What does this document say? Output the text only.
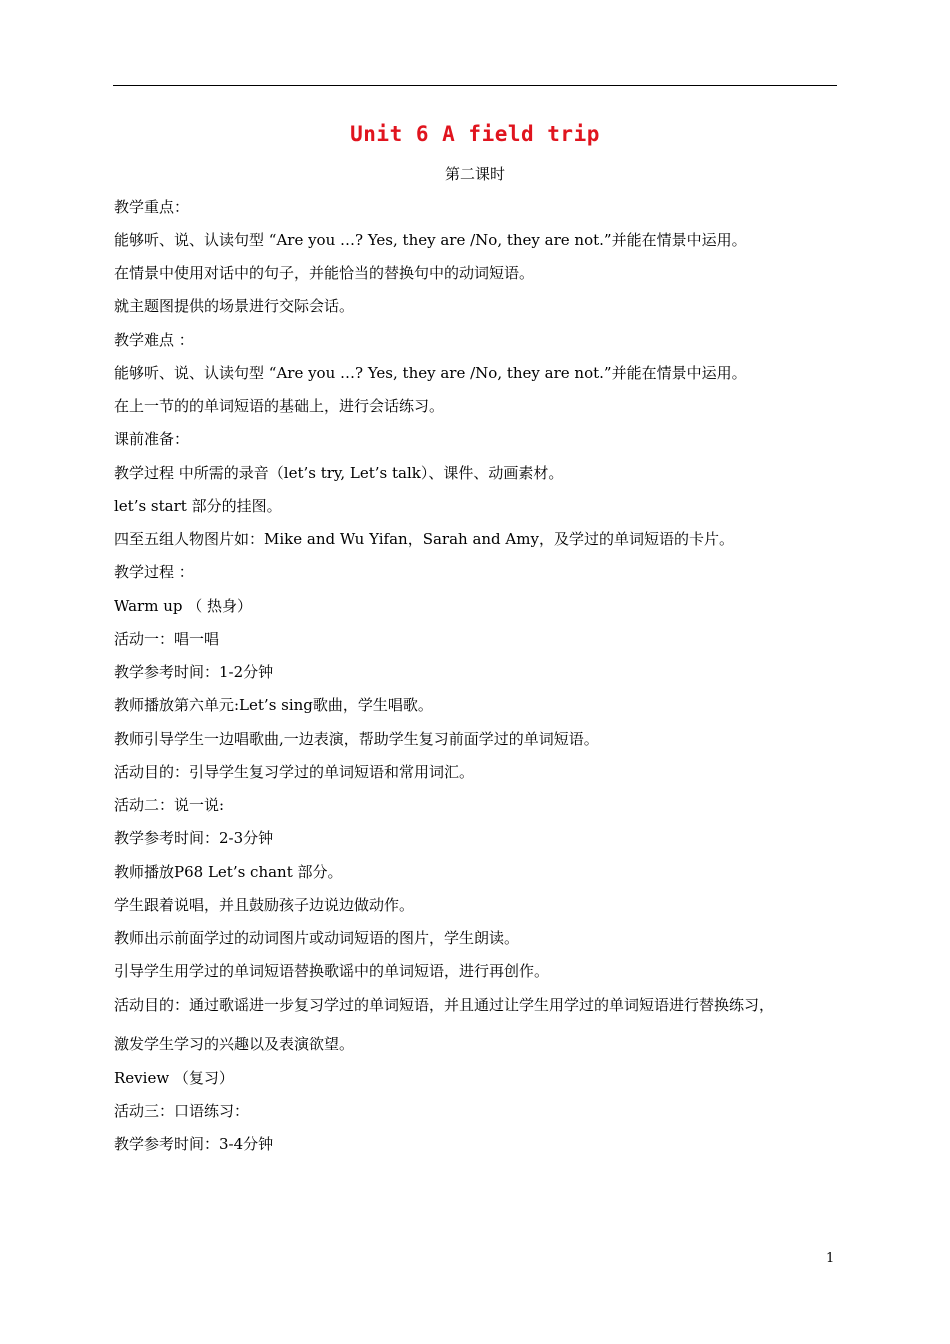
Unit 6 A field trip
第二课时
教学重点：
能够听、说、认读句型 “Are you …? Yes, they are /No, they are not.”并能在情景中运用。
在情景中使用对话中的句子，并能恰当的替换句中的动词短语。
就主题图提供的场景进行交际会话。
教学难点 ：
能够听、说、认读句型 “Are you …? Yes, they are /No, they are not.”并能在情景中运用。
在上一节的的单词短语的基础上，进行会话练习。
课前准备：
教学过程 中所需的录音（let’s try, Let’s talk）、课件、动画素材。
let’s start 部分的挂图。
四至五组人物图片如：Mike and Wu Yifan，Sarah and Amy，及学过的单词短语的卡片。
教学过程 ：
Warm up （ 热身）
活动一：唱一唱
教学参考时间：1-2分钟
教师播放第六单元:Let’s sing歌曲，学生唱歌。
教师引导学生一边唱歌曲,一边表演，帮助学生复习前面学过的单词短语。
活动目的：引导学生复习学过的单词短语和常用词汇。
活动二：说一说:
教学参考时间：2-3分钟
教师播放P68 Let’s chant 部分。
学生跟着说唱，并且鼓励孩子边说边做动作。
教师出示前面学过的动词图片或动词短语的图片，学生朗读。
引导学生用学过的单词短语替换歌谣中的单词短语，进行再创作。
活动目的：通过歌谣进一步复习学过的单词短语，并且通过让学生用学过的单词短语进行替换练习，
激发学生学习的兴趣以及表演欲望。
Review （复习）
活动三：口语练习：
教学参考时间：3-4分钟
1
